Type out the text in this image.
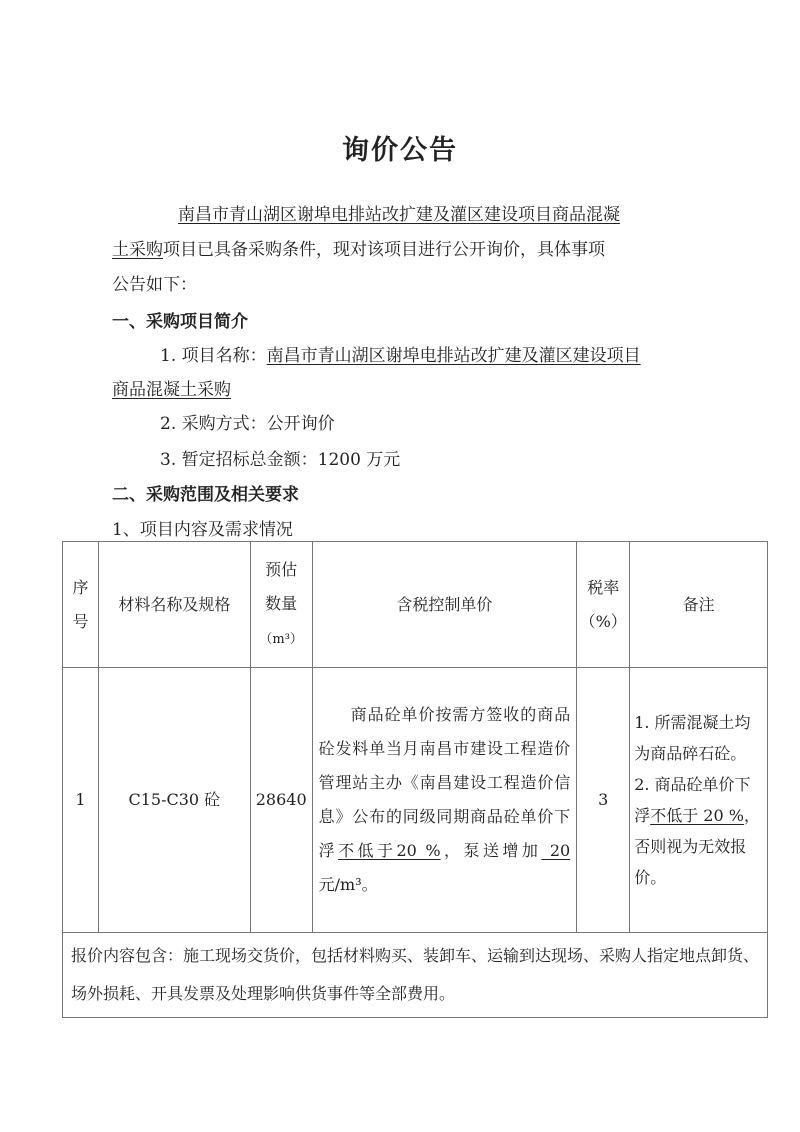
询价公告
南昌市青山湖区谢埠电排站改扩建及灌区建设项目商品混凝
土采购项目已具备采购条件，现对该项目进行公开询价，具体事项
公告如下：
一、采购项目简介
1. 项目名称：南昌市青山湖区谢埠电排站改扩建及灌区建设项目
商品混凝土采购
2. 采购方式：公开询价
3. 暂定招标总金额：1200 万元
二、采购范围及相关要求
1、项目内容及需求情况
序
号	材料名称及规格	预估
数量
（m³）	含税控制单价	税率
（%）	备注
1	C15-C30 砼	28640	商品砼单价按需方签收的商品砼发料单当月南昌市建设工程造价管理站主办《南昌建设工程造价信息》公布的同级同期商品砼单价下浮不低于20 %，泵送增加 20 元/m³。	3	1. 所需混凝土均为商品碎石砼。
2. 商品砼单价下浮不低于 20 %，否则视为无效报价。
报价内容包含：施工现场交货价，包括材料购买、装卸车、运输到达现场、采购人指定地点卸货、场外损耗、开具发票及处理影响供货事件等全部费用。					
